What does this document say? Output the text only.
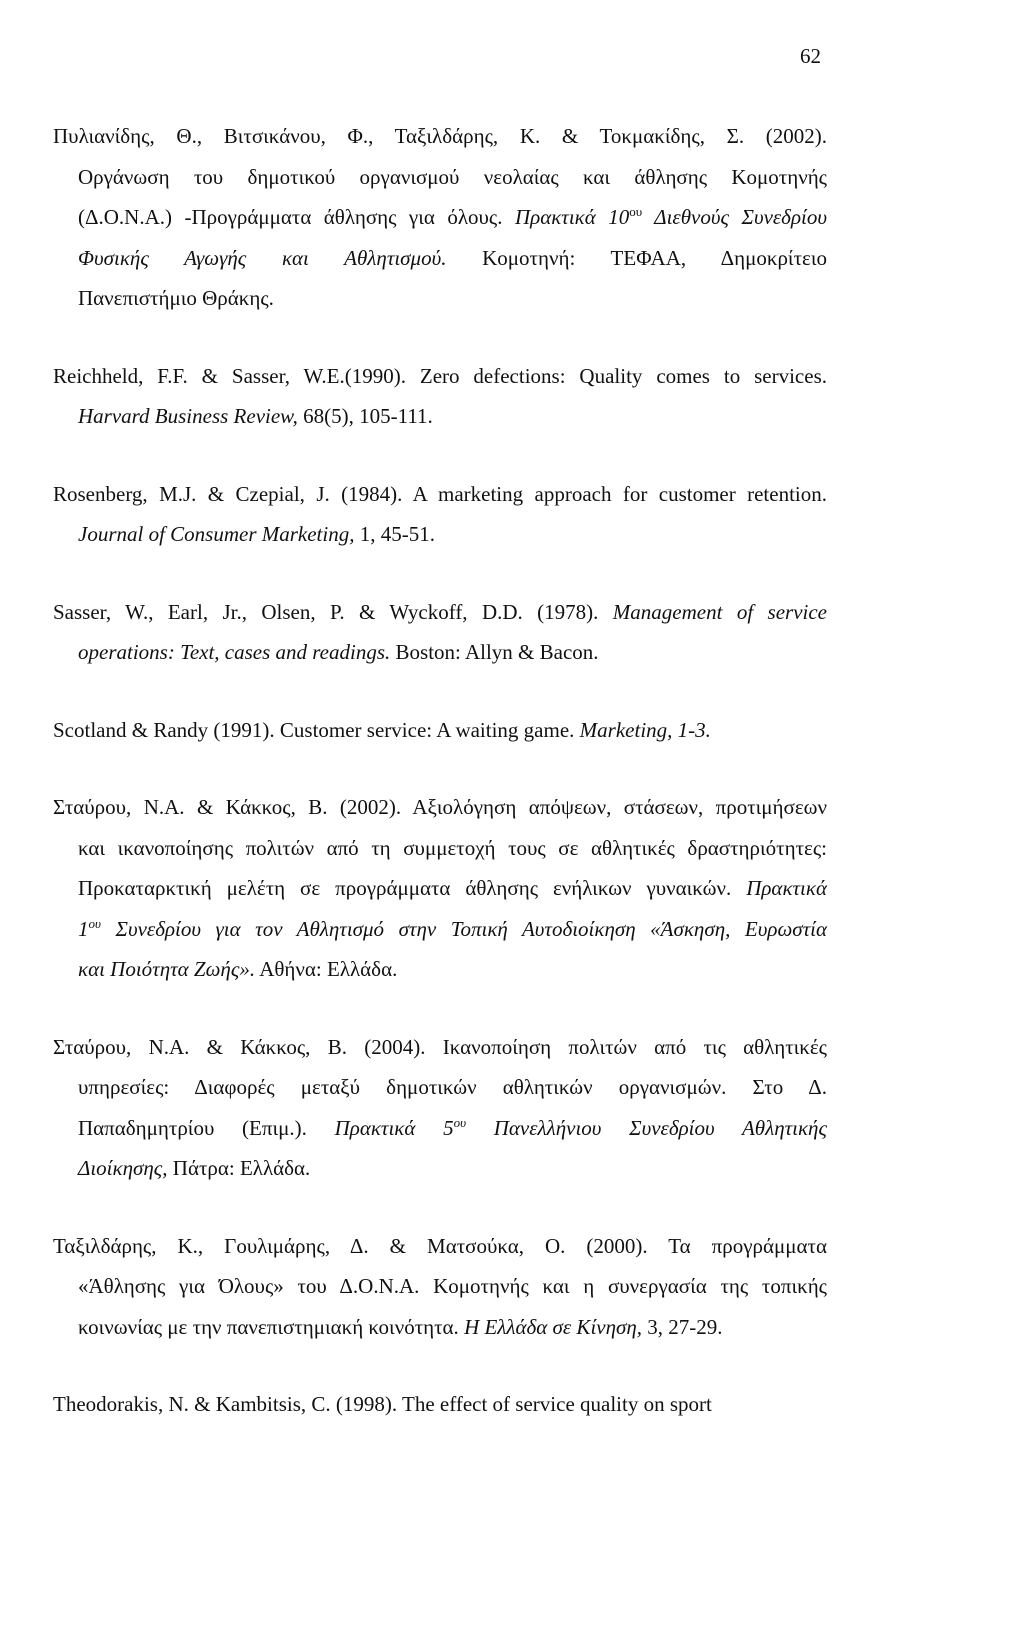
62
Πυλιανίδης, Θ., Βιτσικάνου, Φ., Ταξιλδάρης, Κ. & Τοκμακίδης, Σ. (2002).
Οργάνωση του δημοτικού οργανισμού νεολαίας και άθλησης Κομοτηνής
(Δ.Ο.Ν.Α.) -Προγράμματα άθλησης για όλους. Πρακτικά $10^{o\upsilon}$ Διεθνούς Συνεδρίου
Φυσικής Αγωγής και Αθλητισμού. Κομοτηνή: ΤΕΦΑΑ, Δημοκρίτειο
Πανεπιστήμιο Θράκης.
Reichheld, F.F. & Sasser, W.E.(1990). Zero defections: Quality comes to services.
Harvard Business Review, 68(5), 105-111.
Rosenberg, M.J. & Czepial, J. (1984). A marketing approach for customer retention.
Journal of Consumer Marketing, 1, 45-51.
Sasser, W., Earl, Jr., Olsen, P. & Wyckoff, D.D. (1978). Management of service
operations: Text, cases and readings. Boston: Allyn & Bacon.
Scotland & Randy (1991). Customer service: A waiting game. Marketing, 1-3.
Σταύρου, Ν.Α. & Κάκκος, Β. (2002). Αξιολόγηση απόψεων, στάσεων, προτιμήσεων
και ικανοποίησης πολιτών από τη συμμετοχή τους σε αθλητικές δραστηριότητες:
Προκαταρκτική μελέτη σε προγράμματα άθλησης ενήλικων γυναικών. Πρακτικά
$1^{o\upsilon}$ Συνεδρίου για τον Αθλητισμό στην Τοπική Αυτοδιοίκηση «Άσκηση, Ευρωστία
και Ποιότητα Ζωής». Αθήνα: Ελλάδα.
Σταύρου, Ν.Α. & Κάκκος, Β. (2004). Ικανοποίηση πολιτών από τις αθλητικές
υπηρεσίες: Διαφορές μεταξύ δημοτικών αθλητικών οργανισμών. Στο Δ.
Παπαδημητρίου (Επιμ.). Πρακτικά $5^{o\upsilon}$ Πανελλήνιου Συνεδρίου Αθλητικής
Διοίκησης, Πάτρα: Ελλάδα.
Ταξιλδάρης, Κ., Γουλιμάρης, Δ. & Ματσούκα, Ο. (2000). Τα προγράμματα
«Άθλησης για Όλους» του Δ.Ο.Ν.Α. Κομοτηνής και η συνεργασία της τοπικής
κοινωνίας με την πανεπιστημιακή κοινότητα. Η Ελλάδα σε Κίνηση, 3, 27-29.
Theodorakis, N. & Kambitsis, C. (1998). The effect of service quality on sport
